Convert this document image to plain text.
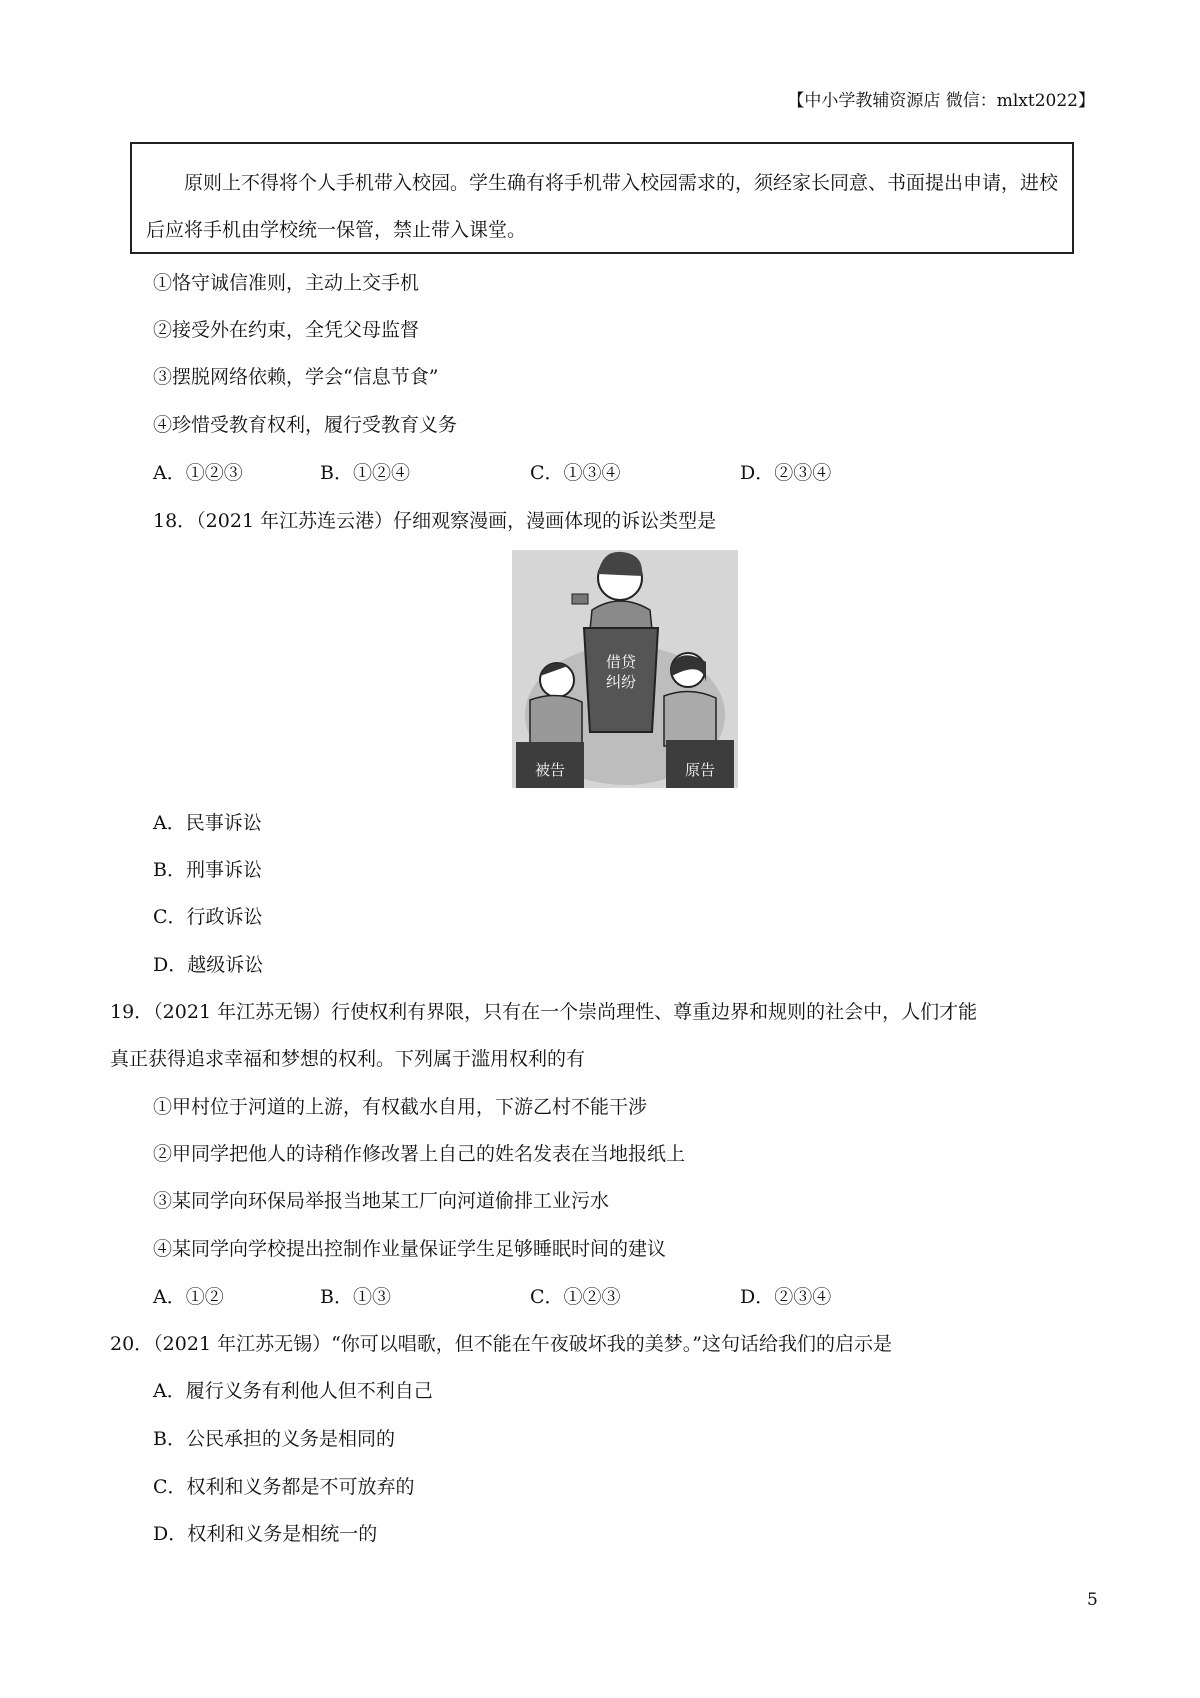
【中小学教辅资源店 微信：mlxt2022】

原则上不得将个人手机带入校园。学生确有将手机带入校园需求的，须经家长同意、书面提出申请，进校后应将手机由学校统一保管，禁止带入课堂。

①恪守诚信准则，主动上交手机
②接受外在约束，全凭父母监督
③摆脱网络依赖，学会“信息节食”
④珍惜受教育权利，履行受教育义务
A．①②③	B．①②④	C．①③④	D．②③④
18．（2021 年江苏连云港）仔细观察漫画，漫画体现的诉讼类型是
借贷
纠纷
被告	原告
A．民事诉讼
B．刑事诉讼
C．行政诉讼
D．越级诉讼
19．（2021 年江苏无锡）行使权利有界限，只有在一个崇尚理性、尊重边界和规则的社会中，人们才能
真正获得追求幸福和梦想的权利。下列属于滥用权利的有
①甲村位于河道的上游，有权截水自用，下游乙村不能干涉
②甲同学把他人的诗稍作修改署上自己的姓名发表在当地报纸上
③某同学向环保局举报当地某工厂向河道偷排工业污水
④某同学向学校提出控制作业量保证学生足够睡眠时间的建议
A．①②	B．①③	C．①②③	D．②③④
20．（2021 年江苏无锡）“你可以唱歌，但不能在午夜破坏我的美梦。”这句话给我们的启示是
A．履行义务有利他人但不利自己
B．公民承担的义务是相同的
C．权利和义务都是不可放弃的
D．权利和义务是相统一的
5
